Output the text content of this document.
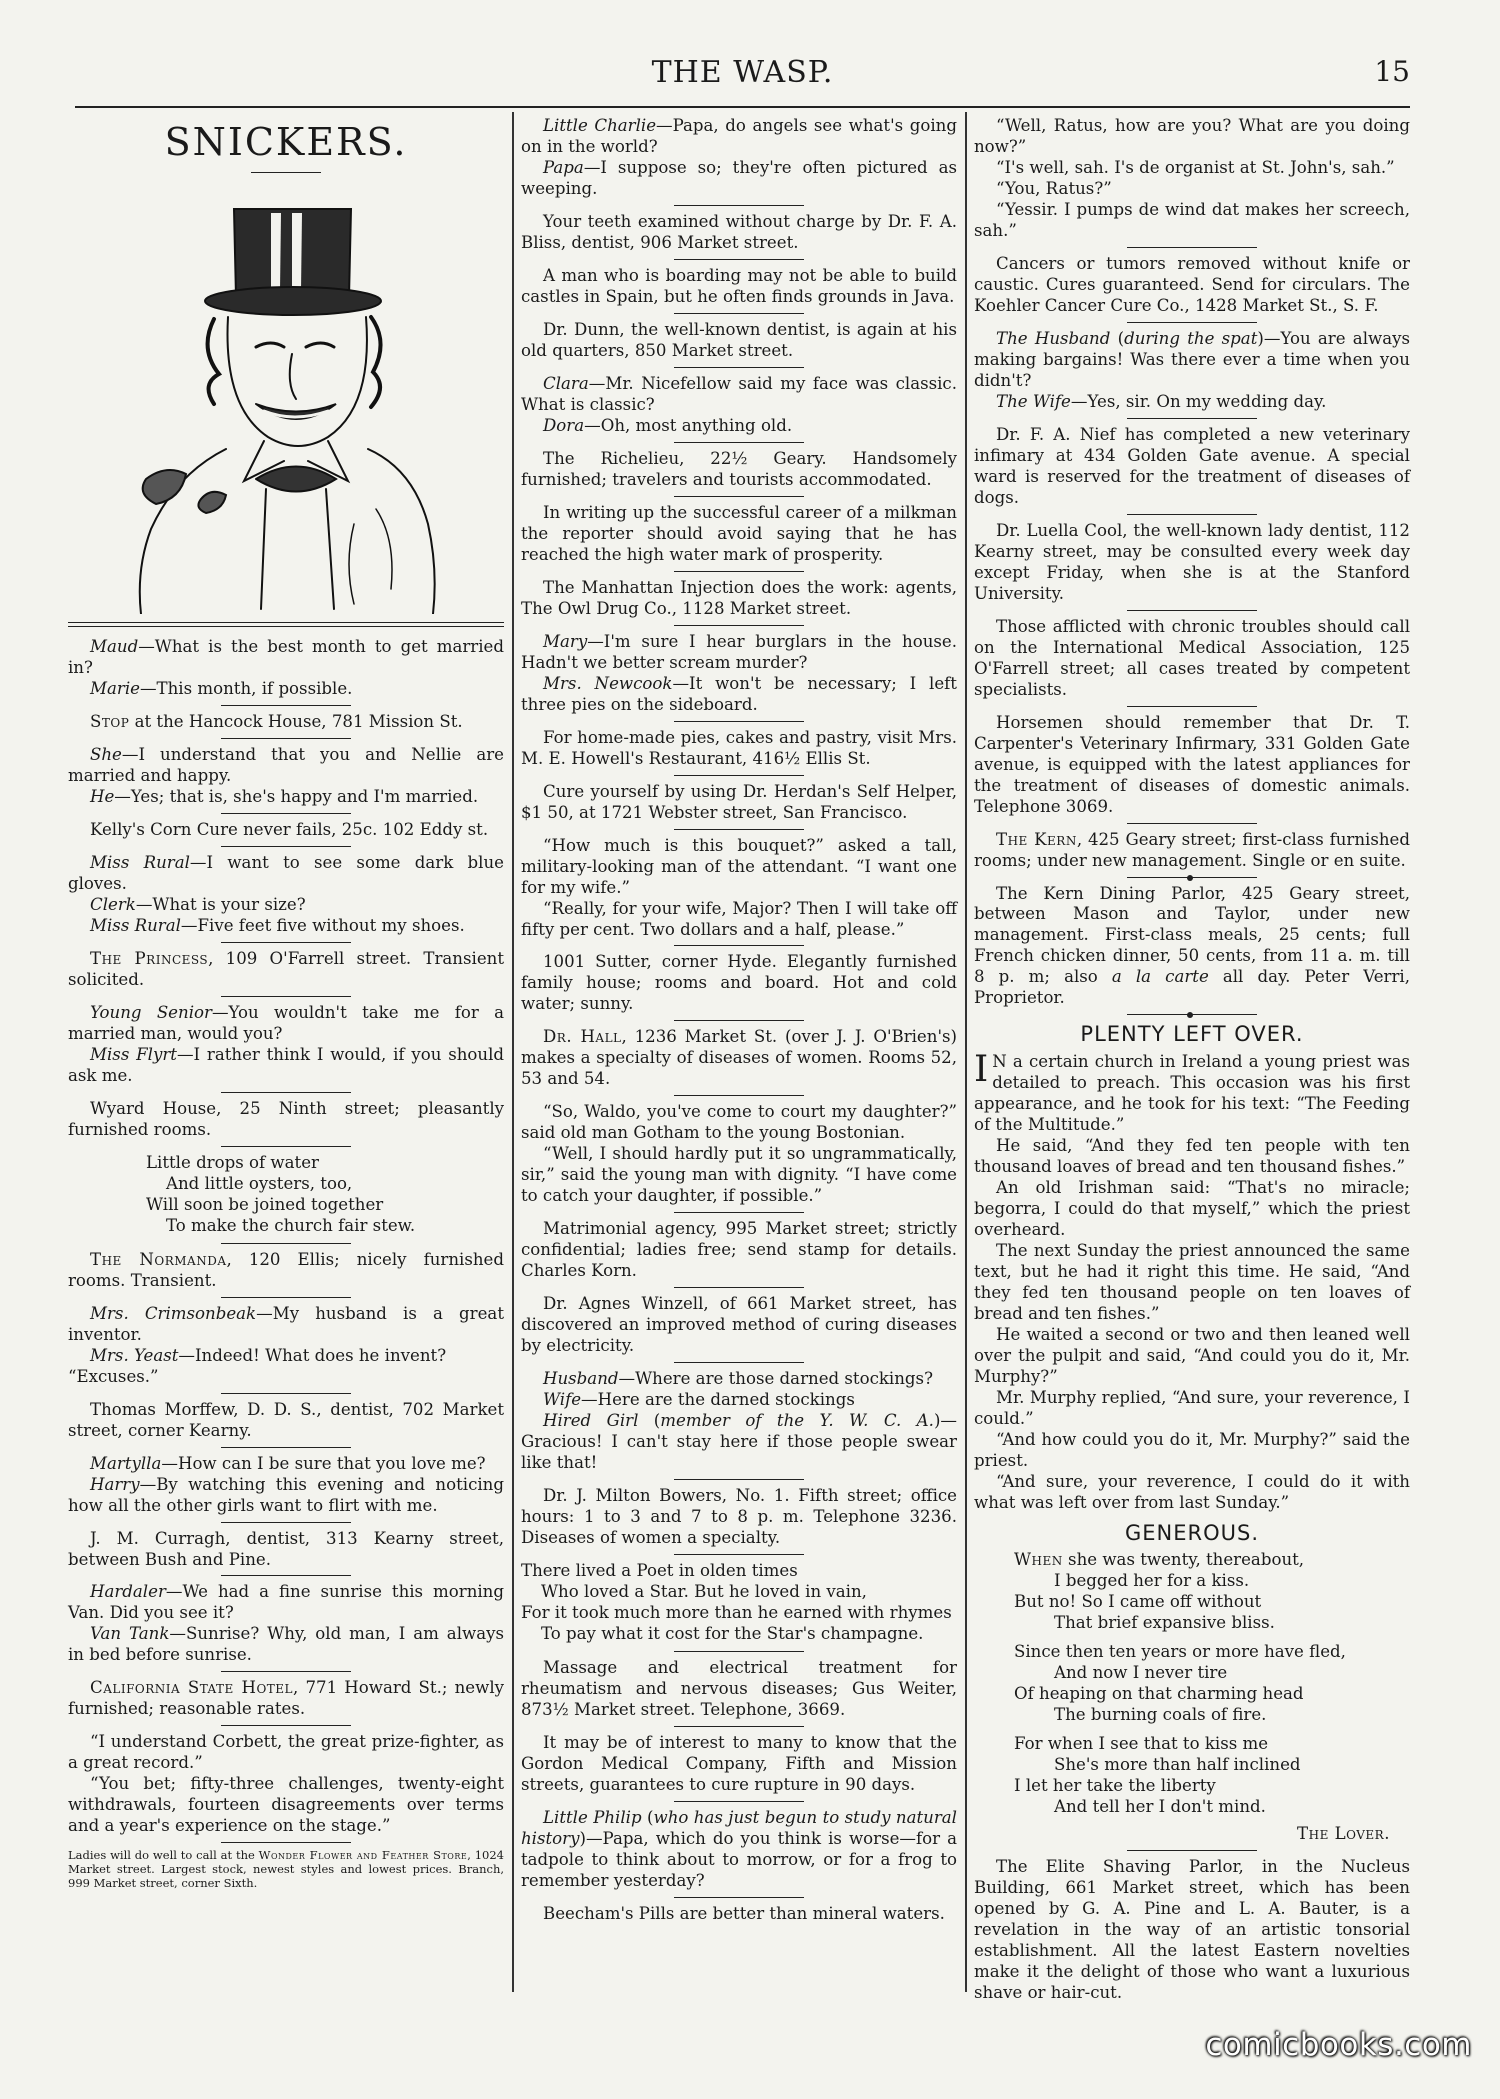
THE WASP.	15
SNICKERS.

Maud—What is the best month to get married in?

Marie—This month, if possible.

Stop at the Hancock House, 781 Mission St.

She—I understand that you and Nellie are married and happy.

He—Yes; that is, she's happy and I'm married.

Kelly's Corn Cure never fails, 25c. 102 Eddy st.

Miss Rural—I want to see some dark blue gloves.

Clerk—What is your size?

Miss Rural—Five feet five without my shoes.

The Princess, 109 O'Farrell street. Transient solicited.

Young Senior—You wouldn't take me for a married man, would you?

Miss Flyrt—I rather think I would, if you should ask me.

Wyard House, 25 Ninth street; pleasantly furnished rooms.

Little drops of water
And little oysters, too,
Will soon be joined together
To make the church fair stew.

The Normanda, 120 Ellis; nicely furnished rooms. Transient.

Mrs. Crimsonbeak—My husband is a great inventor.

Mrs. Yeast—Indeed! What does he invent?

“Excuses.”

Thomas Morffew, D. D. S., dentist, 702 Market street, corner Kearny.

Martylla—How can I be sure that you love me?

Harry—By watching this evening and noticing how all the other girls want to flirt with me.

J. M. Curragh, dentist, 313 Kearny street, between Bush and Pine.

Hardaler—We had a fine sunrise this morning Van. Did you see it?

Van Tank—Sunrise? Why, old man, I am always in bed before sunrise.

California State Hotel, 771 Howard St.; newly furnished; reasonable rates.

“I understand Corbett, the great prize-fighter, as a great record.”

“You bet; fifty-three challenges, twenty-eight withdrawals, fourteen disagreements over terms and a year's experience on the stage.”

Ladies will do well to call at the Wonder Flower and Feather Store, 1024 Market street. Largest stock, newest styles and lowest prices. Branch, 999 Market street, corner Sixth.

Little Charlie—Papa, do angels see what's going on in the world?

Papa—I suppose so; they're often pictured as weeping.

Your teeth examined without charge by Dr. F. A. Bliss, dentist, 906 Market street.

A man who is boarding may not be able to build castles in Spain, but he often finds grounds in Java.

Dr. Dunn, the well-known dentist, is again at his old quarters, 850 Market street.

Clara—Mr. Nicefellow said my face was classic. What is classic?

Dora—Oh, most anything old.

The Richelieu, 22½ Geary. Handsomely furnished; travelers and tourists accommodated.

In writing up the successful career of a milkman the reporter should avoid saying that he has reached the high water mark of prosperity.

The Manhattan Injection does the work: agents, The Owl Drug Co., 1128 Market street.

Mary—I'm sure I hear burglars in the house. Hadn't we better scream murder?

Mrs. Newcook—It won't be necessary; I left three pies on the sideboard.

For home-made pies, cakes and pastry, visit Mrs. M. E. Howell's Restaurant, 416½ Ellis St.

Cure yourself by using Dr. Herdan's Self Helper, $1 50, at 1721 Webster street, San Francisco.

“How much is this bouquet?” asked a tall, military-looking man of the attendant. “I want one for my wife.”

“Really, for your wife, Major? Then I will take off fifty per cent. Two dollars and a half, please.”

1001 Sutter, corner Hyde. Elegantly furnished family house; rooms and board. Hot and cold water; sunny.

Dr. Hall, 1236 Market St. (over J. J. O'Brien's) makes a specialty of diseases of women. Rooms 52, 53 and 54.

“So, Waldo, you've come to court my daughter?” said old man Gotham to the young Bostonian.

“Well, I should hardly put it so ungrammatically, sir,” said the young man with dignity. “I have come to catch your daughter, if possible.”

Matrimonial agency, 995 Market street; strictly confidential; ladies free; send stamp for details. Charles Korn.

Dr. Agnes Winzell, of 661 Market street, has discovered an improved method of curing diseases by electricity.

Husband—Where are those darned stockings?

Wife—Here are the darned stockings

Hired Girl (member of the Y. W. C. A.)—Gracious! I can't stay here if those people swear like that!

Dr. J. Milton Bowers, No. 1. Fifth street; office hours: 1 to 3 and 7 to 8 p. m. Telephone 3236. Diseases of women a specialty.

There lived a Poet in olden times
Who loved a Star. But he loved in vain,
For it took much more than he earned with rhymes
To pay what it cost for the Star's champagne.

Massage and electrical treatment for rheumatism and nervous diseases; Gus Weiter, 873½ Market street. Telephone, 3669.

It may be of interest to many to know that the Gordon Medical Company, Fifth and Mission streets, guarantees to cure rupture in 90 days.

Little Philip (who has just begun to study natural history)—Papa, which do you think is worse—for a tadpole to think about to morrow, or for a frog to remember yesterday?

Beecham's Pills are better than mineral waters.

“Well, Ratus, how are you? What are you doing now?”

“I's well, sah. I's de organist at St. John's, sah.”

“You, Ratus?”

“Yessir. I pumps de wind dat makes her screech, sah.”

Cancers or tumors removed without knife or caustic. Cures guaranteed. Send for circulars. The Koehler Cancer Cure Co., 1428 Market St., S. F.

The Husband (during the spat)—You are always making bargains! Was there ever a time when you didn't?

The Wife—Yes, sir. On my wedding day.

Dr. F. A. Nief has completed a new veterinary infimary at 434 Golden Gate avenue. A special ward is reserved for the treatment of diseases of dogs.

Dr. Luella Cool, the well-known lady dentist, 112 Kearny street, may be consulted every week day except Friday, when she is at the Stanford University.

Those afflicted with chronic troubles should call on the International Medical Association, 125 O'Farrell street; all cases treated by competent specialists.

Horsemen should remember that Dr. T. Carpenter's Veterinary Infirmary, 331 Golden Gate avenue, is equipped with the latest appliances for the treatment of diseases of domestic animals. Telephone 3069.

The Kern, 425 Geary street; first-class furnished rooms; under new management. Single or en suite.

The Kern Dining Parlor, 425 Geary street, between Mason and Taylor, under new management. First-class meals, 25 cents; full French chicken dinner, 50 cents, from 11 a. m. till 8 p. m; also a la carte all day. Peter Verri, Proprietor.

PLENTY LEFT OVER.

I N a certain church in Ireland a young priest was detailed to preach. This occasion was his first appearance, and he took for his text: “The Feeding of the Multitude.”

He said, “And they fed ten people with ten thousand loaves of bread and ten thousand fishes.”

An old Irishman said: “That's no miracle; begorra, I could do that myself,” which the priest overheard.

The next Sunday the priest announced the same text, but he had it right this time. He said, “And they fed ten thousand people on ten loaves of bread and ten fishes.”

He waited a second or two and then leaned well over the pulpit and said, “And could you do it, Mr. Murphy?”

Mr. Murphy replied, “And sure, your reverence, I could.”

“And how could you do it, Mr. Murphy?” said the priest.

“And sure, your reverence, I could do it with what was left over from last Sunday.”

GENEROUS.
When she was twenty, thereabout,
I begged her for a kiss.
But no! So I came off without
That brief expansive bliss.
Since then ten years or more have fled,
And now I never tire
Of heaping on that charming head
The burning coals of fire.
For when I see that to kiss me
She's more than half inclined
I let her take the liberty
And tell her I don't mind.
The Lover.

The Elite Shaving Parlor, in the Nucleus Building, 661 Market street, which has been opened by G. A. Pine and L. A. Bauter, is a revelation in the way of an artistic tonsorial establishment. All the latest Eastern novelties make it the delight of those who want a luxurious shave or hair-cut.

comicbooks.com
